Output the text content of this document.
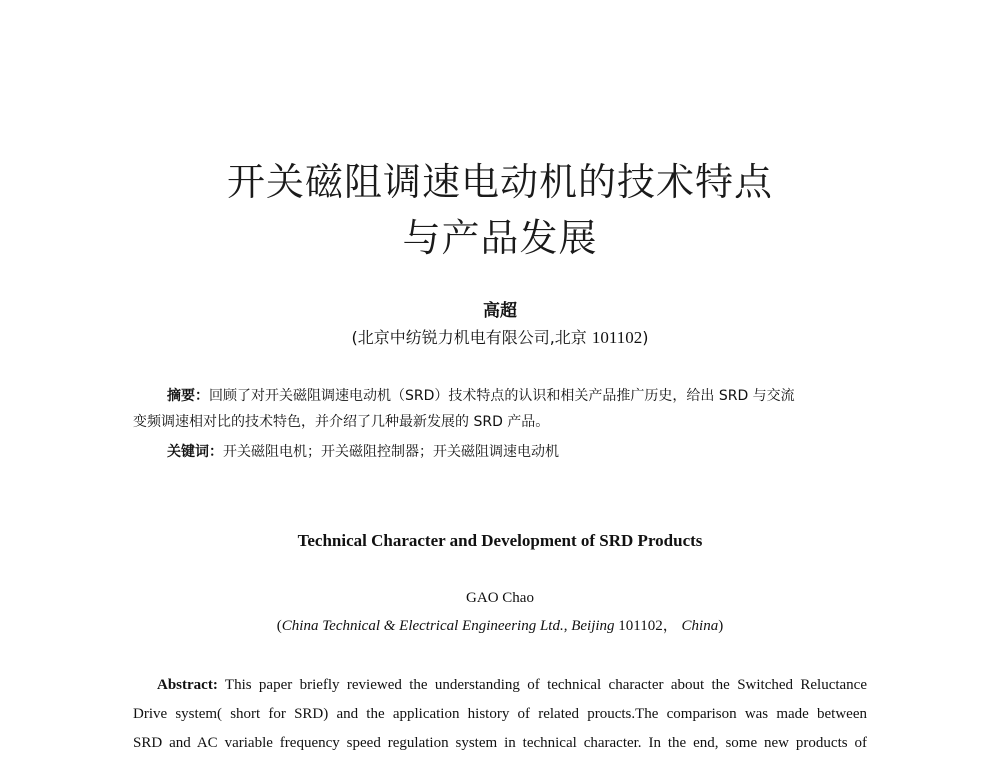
开关磁阻调速电动机的技术特点
与产品发展
高超
(北京中纺锐力机电有限公司,北京 101102)
摘要：回顾了对开关磁阻调速电动机（SRD）技术特点的认识和相关产品推广历史，给出 SRD 与交流
变频调速相对比的技术特色，并介绍了几种最新发展的 SRD 产品。
关键词：开关磁阻电机；开关磁阻控制器；开关磁阻调速电动机
Technical Character and Development of SRD Products
GAO Chao
(China Technical & Electrical Engineering Ltd., Beijing 101102， China)
Abstract: This paper briefly reviewed the understanding of technical character about the Switched Reluctance
Drive system( short for SRD) and the application history of related proucts.The comparison was made between
SRD and AC variable frequency speed regulation system in technical character. In the end, some new products of
